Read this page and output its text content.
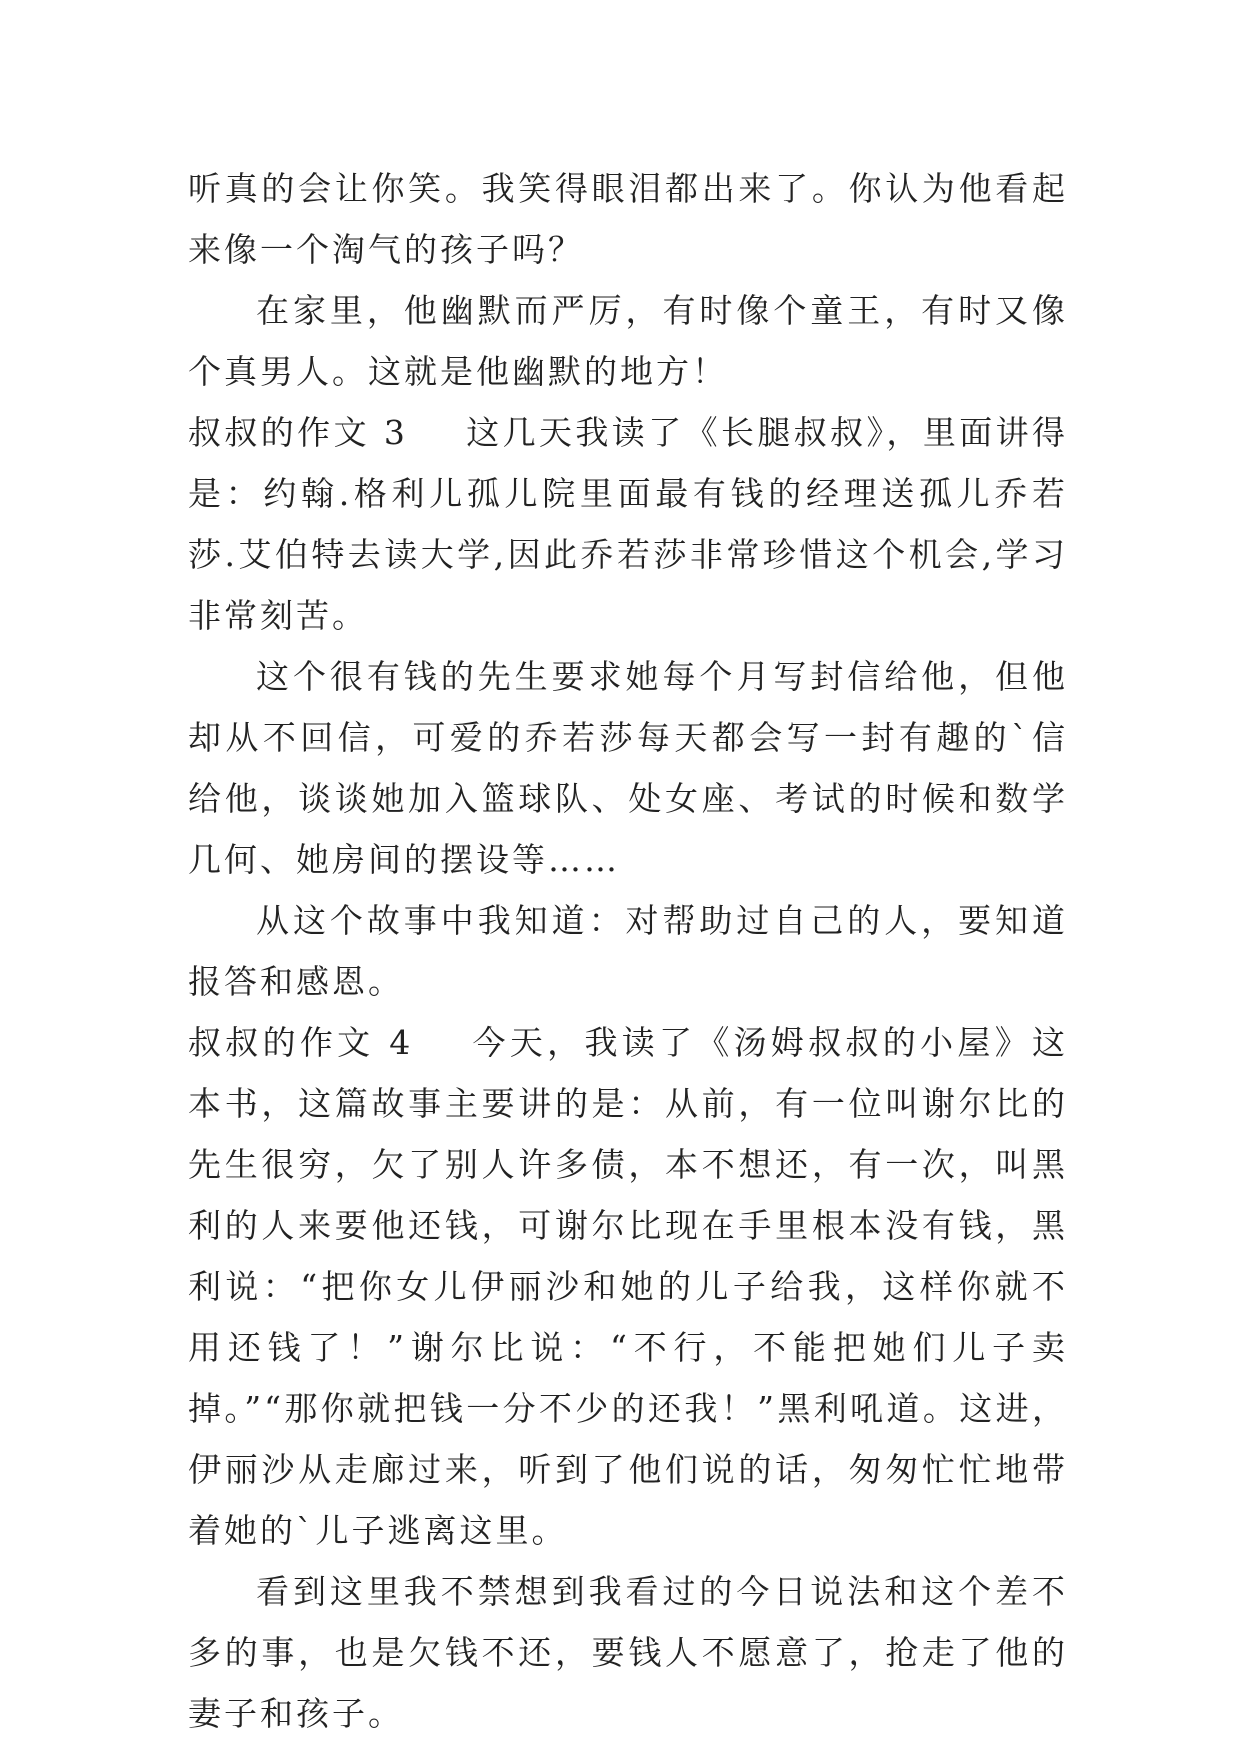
听真的会让你笑。我笑得眼泪都出来了。你认为他看起来像一个淘气的孩子吗？

在家里，他幽默而严厉，有时像个童王，有时又像个真男人。这就是他幽默的地方！

叔叔的作文 3 这几天我读了《长腿叔叔》，里面讲得是：约翰.格利儿孤儿院里面最有钱的经理送孤儿乔若莎.艾伯特去读大学,因此乔若莎非常珍惜这个机会,学习非常刻苦。

这个很有钱的先生要求她每个月写封信给他，但他却从不回信，可爱的乔若莎每天都会写一封有趣的`信给他，谈谈她加入篮球队、处女座、考试的时候和数学几何、她房间的摆设等……

从这个故事中我知道：对帮助过自己的人，要知道报答和感恩。

叔叔的作文 4 今天，我读了《汤姆叔叔的小屋》这本书，这篇故事主要讲的是：从前，有一位叫谢尔比的先生很穷，欠了别人许多债，本不想还，有一次，叫黑利的人来要他还钱，可谢尔比现在手里根本没有钱，黑利说：“把你女儿伊丽沙和她的儿子给我，这样你就不用还钱了！”谢尔比说：“不行，不能把她们儿子卖掉。”“那你就把钱一分不少的还我！”黑利吼道。这进，伊丽沙从走廊过来，听到了他们说的话，匆匆忙忙地带着她的`儿子逃离这里。

看到这里我不禁想到我看过的今日说法和这个差不多的事，也是欠钱不还，要钱人不愿意了，抢走了他的妻子和孩子。
